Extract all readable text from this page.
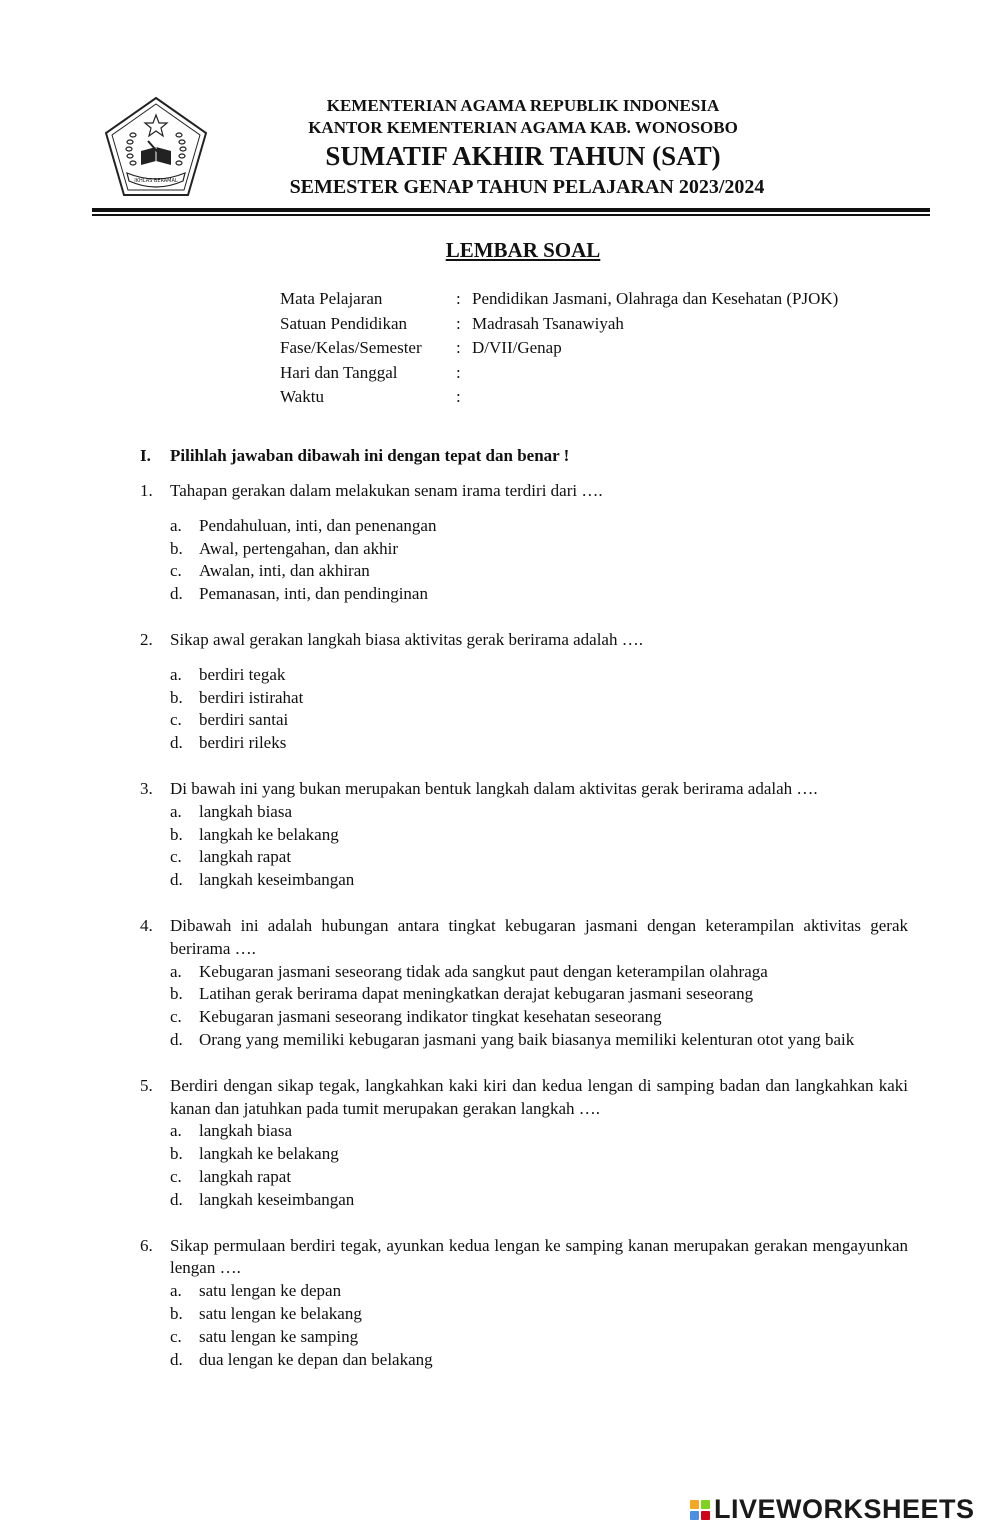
IKHLAS BERAMAL
KEMENTERIAN AGAMA REPUBLIK INDONESIA
KANTOR KEMENTERIAN AGAMA KAB. WONOSOBO
SUMATIF AKHIR TAHUN (SAT)
SEMESTER GENAP TAHUN PELAJARAN 2023/2024
LEMBAR SOAL
Mata Pelajaran	: Pendidikan Jasmani, Olahraga dan Kesehatan (PJOK)
Satuan Pendidikan	: Madrasah Tsanawiyah
Fase/Kelas/Semester	: D/VII/Genap
Hari dan Tanggal	:
Waktu	:
I.	Pilihlah jawaban dibawah ini dengan tepat dan benar !
1.	Tahapan gerakan dalam melakukan senam irama terdiri dari ….
a.	Pendahuluan, inti, dan penenangan
b. Awal, pertengahan, dan akhir
c.	Awalan, inti, dan akhiran
d. Pemanasan, inti, dan pendinginan
2.	Sikap awal gerakan langkah biasa aktivitas gerak berirama adalah ….
a.	berdiri tegak
b. berdiri istirahat
c.	berdiri santai
d. berdiri rileks
3.	Di bawah ini yang bukan merupakan bentuk langkah dalam aktivitas gerak berirama adalah ….
a.	langkah biasa
b. langkah ke belakang
c.	langkah rapat
d. langkah keseimbangan
4.	Dibawah ini adalah hubungan antara tingkat kebugaran jasmani dengan keterampilan aktivitas gerak berirama ….
a.	Kebugaran jasmani seseorang tidak ada sangkut paut dengan keterampilan olahraga
b. Latihan gerak berirama dapat meningkatkan derajat kebugaran jasmani seseorang
c.	Kebugaran jasmani seseorang indikator tingkat kesehatan seseorang
d. Orang yang memiliki kebugaran jasmani yang baik biasanya memiliki kelenturan otot yang baik
5.	Berdiri dengan sikap tegak, langkahkan kaki kiri dan kedua lengan di samping badan dan langkahkan kaki kanan dan jatuhkan pada tumit merupakan gerakan langkah ….
a.	langkah biasa
b. langkah ke belakang
c.	langkah rapat
d. langkah keseimbangan
6.	Sikap permulaan berdiri tegak, ayunkan kedua lengan ke samping kanan merupakan gerakan mengayunkan lengan ….
a.	satu lengan ke depan
b. satu lengan ke belakang
c.	satu lengan ke samping
d. dua lengan ke depan dan belakang
LIVEWORKSHEETS
